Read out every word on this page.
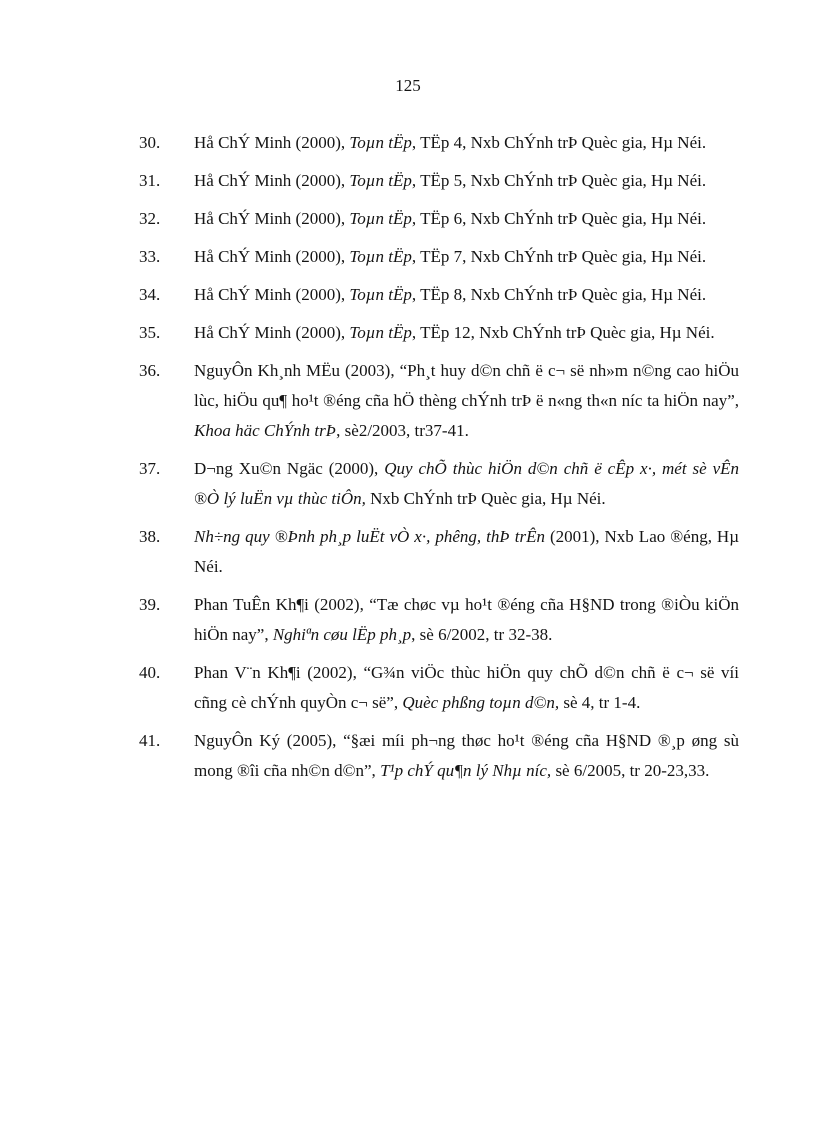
125
30. Hå ChÝ Minh (2000), Toµn tËp, TËp 4, Nxb ChÝnh trÞ Quèc gia, Hµ Néi.
31. Hå ChÝ Minh (2000), Toµn tËp, TËp 5, Nxb ChÝnh trÞ Quèc gia, Hµ Néi.
32. Hå ChÝ Minh (2000), Toµn tËp, TËp 6, Nxb ChÝnh trÞ Quèc gia, Hµ Néi.
33. Hå ChÝ Minh (2000), Toµn tËp, TËp 7, Nxb ChÝnh trÞ Quèc gia, Hµ Néi.
34. Hå ChÝ Minh (2000), Toµn tËp, TËp 8, Nxb ChÝnh trÞ Quèc gia, Hµ Néi.
35. Hå ChÝ Minh (2000), Toµn tËp, TËp 12, Nxb ChÝnh trÞ Quèc gia, Hµ Néi.
36. NguyÔn Kh¸nh MËu (2003), “Ph¸t huy d©n chñ ë c¬ së nh»m n©ng cao hiÖu lùc, hiÖu qu¶ ho¹t ®éng cña hÖ thèng chÝnh trÞ ë n«ng th«n níc ta hiÖn nay”, Khoa häc ChÝnh trÞ, sè2/2003, tr37-41.
37. D¬ng Xu©n Ngäc (2000), Quy chÕ thùc hiÖn d©n chñ ë cÊp x·, mét sè vÊn ®Ò lý luËn vµ thùc tiÔn, Nxb ChÝnh trÞ Quèc gia, Hµ Néi.
38. Nh÷ng quy ®Þnh ph¸p luËt vÒ x·, phêng, thÞ trÊn (2001), Nxb Lao ®éng, Hµ Néi.
39. Phan TuÊn Kh¶i (2002), “Tæ chøc vµ ho¹t ®éng cña H§ND trong ®iÒu kiÖn hiÖn nay”, Nghiªn cøu lËp ph¸p, sè 6/2002, tr 32-38.
40. Phan V¨n Kh¶i (2002), “G¾n viÖc thùc hiÖn quy chÕ d©n chñ ë c¬ së víi cñng cè chÝnh quyÒn c¬ së”, Quèc phßng toµn d©n, sè 4, tr 1-4.
41. NguyÔn Ký (2005), “§æi míi ph¬ng thøc ho¹t ®éng cña H§ND ®¸p øng sù mong ®îi cña nh©n d©n”, T¹p chÝ qu¶n lý Nhµ níc, sè 6/2005, tr 20-23,33.
